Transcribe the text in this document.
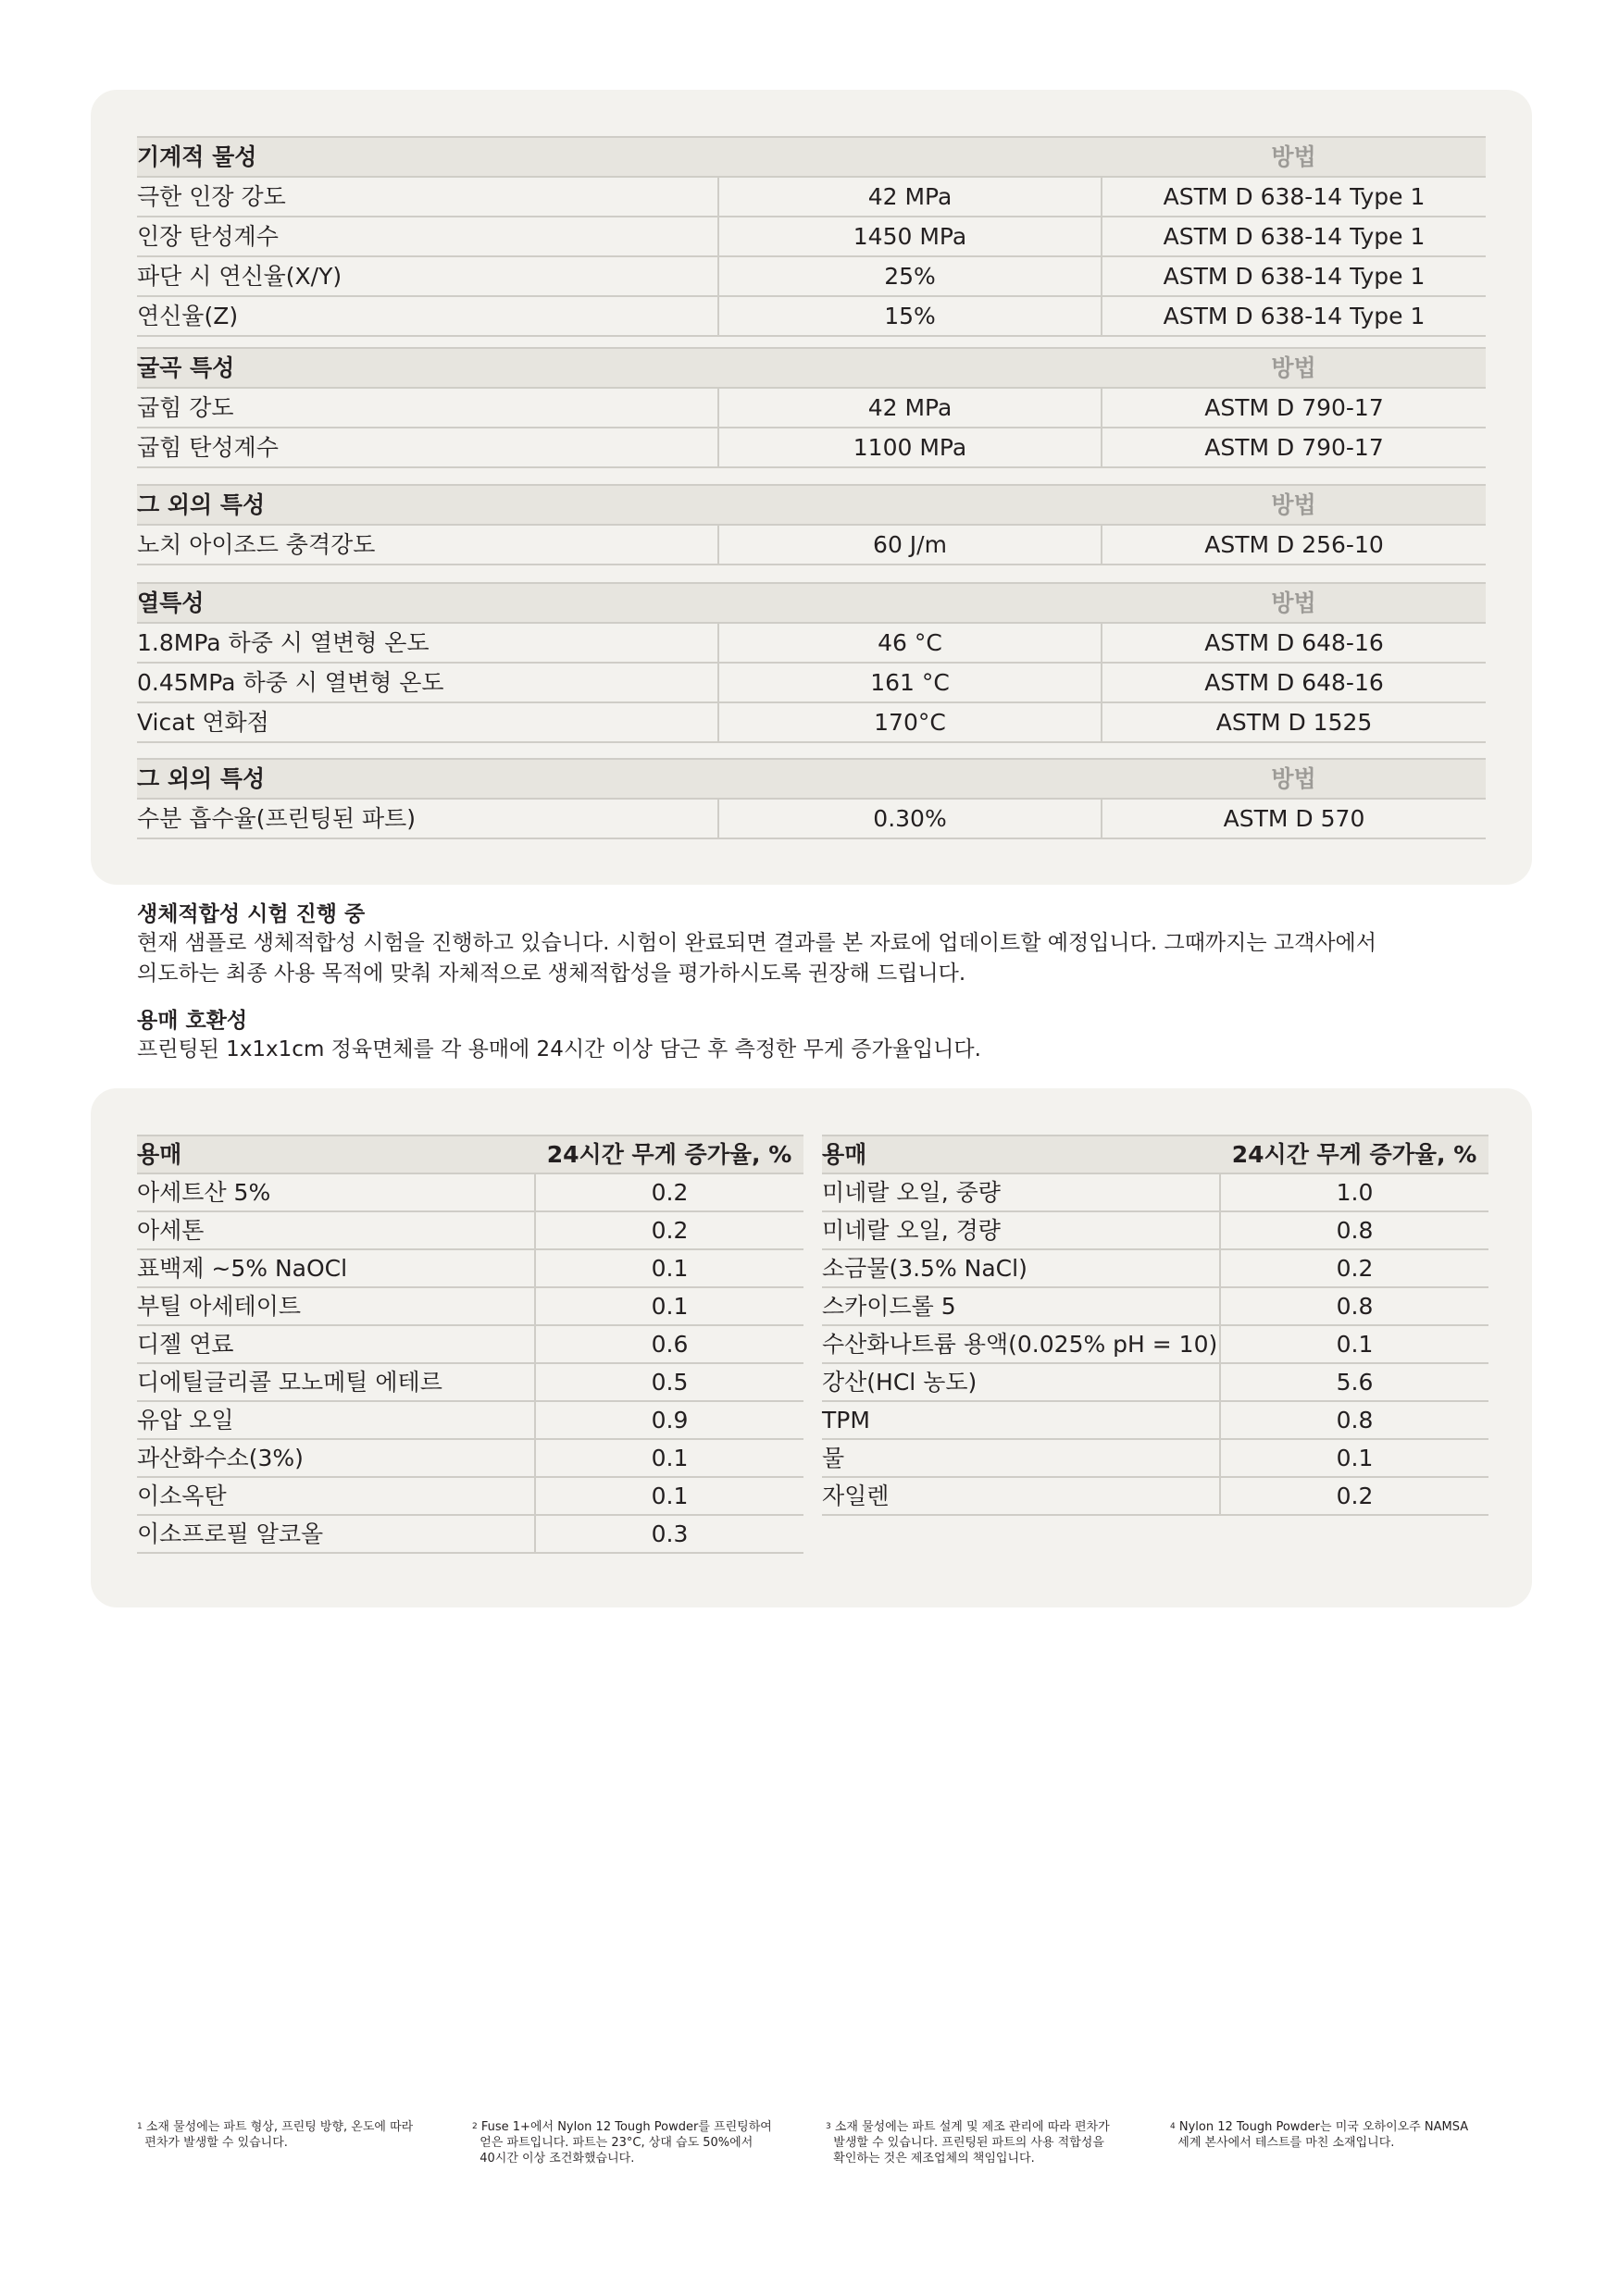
기계적 물성		방법
극한 인장 강도	42 MPa	ASTM D 638-14 Type 1
인장 탄성계수	1450 MPa	ASTM D 638-14 Type 1
파단 시 연신율(X/Y)	25%	ASTM D 638-14 Type 1
연신율(Z)	15%	ASTM D 638-14 Type 1
굴곡 특성		방법
굽힘 강도	42 MPa	ASTM D 790-17
굽힘 탄성계수	1100 MPa	ASTM D 790-17
그 외의 특성		방법
노치 아이조드 충격강도	60 J/m	ASTM D 256-10
열특성		방법
1.8MPa 하중 시 열변형 온도	46 °C	ASTM D 648-16
0.45MPa 하중 시 열변형 온도	161 °C	ASTM D 648-16
Vicat 연화점	170°C	ASTM D 1525
그 외의 특성		방법
수분 흡수율(프린팅된 파트)	0.30%	ASTM D 570
용매	24시간 무게 증가율, %
아세트산 5%	0.2
아세톤	0.2
표백제 ~5% NaOCl	0.1
부틸 아세테이트	0.1
디젤 연료	0.6
디에틸글리콜 모노메틸 에테르	0.5
유압 오일	0.9
과산화수소(3%)	0.1
이소옥탄	0.1
이소프로필 알코올	0.3
용매	24시간 무게 증가율, %
미네랄 오일, 중량	1.0
미네랄 오일, 경량	0.8
소금물(3.5% NaCl)	0.2
스카이드롤 5	0.8
수산화나트륨 용액(0.025% pH = 10)	0.1
강산(HCl 농도)	5.6
TPM	0.8
물	0.1
자일렌	0.2
생체적합성 시험 진행 중

현재 샘플로 생체적합성 시험을 진행하고 있습니다. 시험이 완료되면 결과를 본 자료에 업데이트할 예정입니다. 그때까지는 고객사에서

의도하는 최종 사용 목적에 맞춰 자체적으로 생체적합성을 평가하시도록 권장해 드립니다.

용매 호환성

프린팅된 1x1x1cm 정육면체를 각 용매에 24시간 이상 담근 후 측정한 무게 증가율입니다.

$^1$ 소재 물성에는 파트 형상, 프린팅 방향, 온도에 따라
편차가 발생할 수 있습니다.

$^2$ Fuse 1+에서 Nylon 12 Tough Powder를 프린팅하여
얻은 파트입니다. 파트는 23°C, 상대 습도 50%에서
40시간 이상 조건화했습니다.
$^3$ 소재 물성에는 파트 설계 및 제조 관리에 따라 편차가
발생할 수 있습니다. 프린팅된 파트의 사용 적합성을
확인하는 것은 제조업체의 책임입니다.
$^4$ Nylon 12 Tough Powder는 미국 오하이오주 NAMSA
세계 본사에서 테스트를 마친 소재입니다.
